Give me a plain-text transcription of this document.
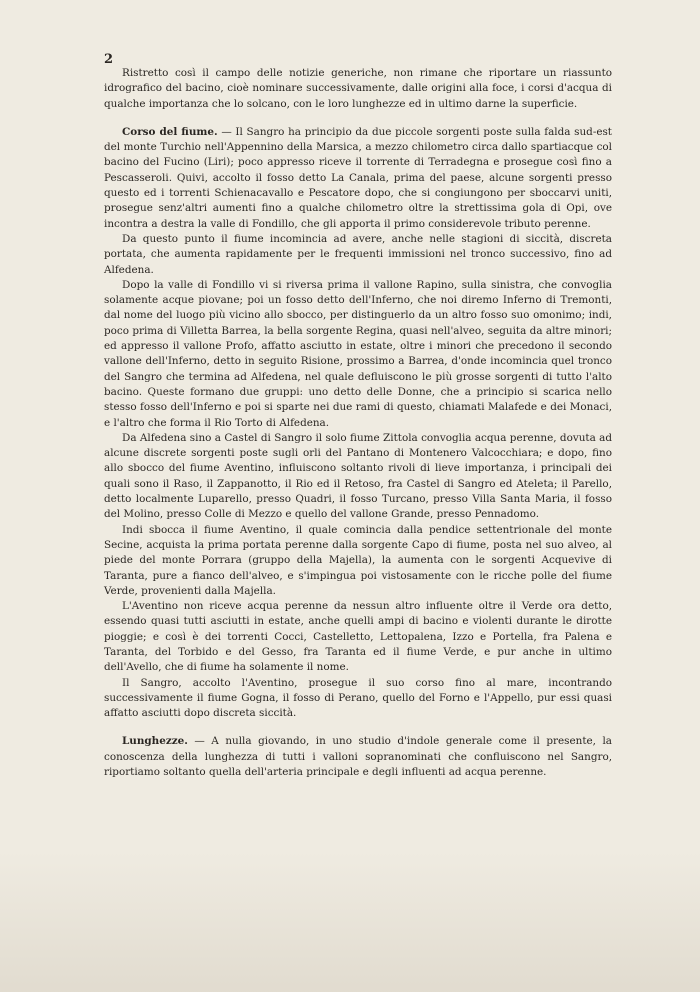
2

Ristretto così il campo delle notizie generiche, non rimane che riportare un riassunto idrografico del bacino, cioè nominare successivamente, dalle origini alla foce, i corsi d'acqua di qualche importanza che lo solcano, con le loro lunghezze ed in ultimo darne la superficie.

Corso del fiume. — Il Sangro ha principio da due piccole sorgenti poste sulla falda sud-est del monte Turchio nell'Appennino della Marsica, a mezzo chilometro circa dallo spartiacque col bacino del Fucino (Liri); poco appresso riceve il torrente di Terradegna e prosegue così fino a Pescasseroli. Quivi, accolto il fosso detto La Canala, prima del paese, alcune sorgenti presso questo ed i torrenti Schienacavallo e Pescatore dopo, che si congiungono per sboccarvi uniti, prosegue senz'altri aumenti fino a qualche chilometro oltre la strettissima gola di Opi, ove incontra a destra la valle di Fondillo, che gli apporta il primo considerevole tributo perenne.

Da questo punto il fiume incomincia ad avere, anche nelle stagioni di siccità, discreta portata, che aumenta rapidamente per le frequenti immissioni nel tronco successivo, fino ad Alfedena.

Dopo la valle di Fondillo vi si riversa prima il vallone Rapino, sulla sinistra, che convoglia solamente acque piovane; poi un fosso detto dell'Inferno, che noi diremo Inferno di Tremonti, dal nome del luogo più vicino allo sbocco, per distinguerlo da un altro fosso suo omonimo; indi, poco prima di Villetta Barrea, la bella sorgente Regina, quasi nell'alveo, seguita da altre minori; ed appresso il vallone Profo, affatto asciutto in estate, oltre i minori che precedono il secondo vallone dell'Inferno, detto in seguito Risione, prossimo a Barrea, d'onde incomincia quel tronco del Sangro che termina ad Alfedena, nel quale defluiscono le più grosse sorgenti di tutto l'alto bacino. Queste formano due gruppi: uno detto delle Donne, che a principio si scarica nello stesso fosso dell'Inferno e poi si sparte nei due rami di questo, chiamati Malafede e dei Monaci, e l'altro che forma il Rio Torto di Alfedena.

Da Alfedena sino a Castel di Sangro il solo fiume Zittola convoglia acqua perenne, dovuta ad alcune discrete sorgenti poste sugli orli del Pantano di Montenero Valcocchiara; e dopo, fino allo sbocco del fiume Aventino, influiscono soltanto rivoli di lieve importanza, i principali dei quali sono il Raso, il Zappanotto, il Rio ed il Retoso, fra Castel di Sangro ed Ateleta; il Parello, detto localmente Luparello, presso Quadri, il fosso Turcano, presso Villa Santa Maria, il fosso del Molino, presso Colle di Mezzo e quello del vallone Grande, presso Pennadomo.

Indi sbocca il fiume Aventino, il quale comincia dalla pendice settentrionale del monte Secine, acquista la prima portata perenne dalla sorgente Capo di fiume, posta nel suo alveo, al piede del monte Porrara (gruppo della Majella), la aumenta con le sorgenti Acquevive di Taranta, pure a fianco dell'alveo, e s'impingua poi vistosamente con le ricche polle del fiume Verde, provenienti dalla Majella.

L'Aventino non riceve acqua perenne da nessun altro influente oltre il Verde ora detto, essendo quasi tutti asciutti in estate, anche quelli ampi di bacino e violenti durante le dirotte pioggie; e così è dei torrenti Cocci, Castelletto, Lettopalena, Izzo e Portella, fra Palena e Taranta, del Torbido e del Gesso, fra Taranta ed il fiume Verde, e pur anche in ultimo dell'Avello, che di fiume ha solamente il nome.

Il Sangro, accolto l'Aventino, prosegue il suo corso fino al mare, incontrando successivamente il fiume Gogna, il fosso di Perano, quello del Forno e l'Appello, pur essi quasi affatto asciutti dopo discreta siccità.

Lunghezze. — A nulla giovando, in uno studio d'indole generale come il presente, la conoscenza della lunghezza di tutti i valloni sopranominati che confluiscono nel Sangro, riportiamo soltanto quella dell'arteria principale e degli influenti ad acqua perenne.
